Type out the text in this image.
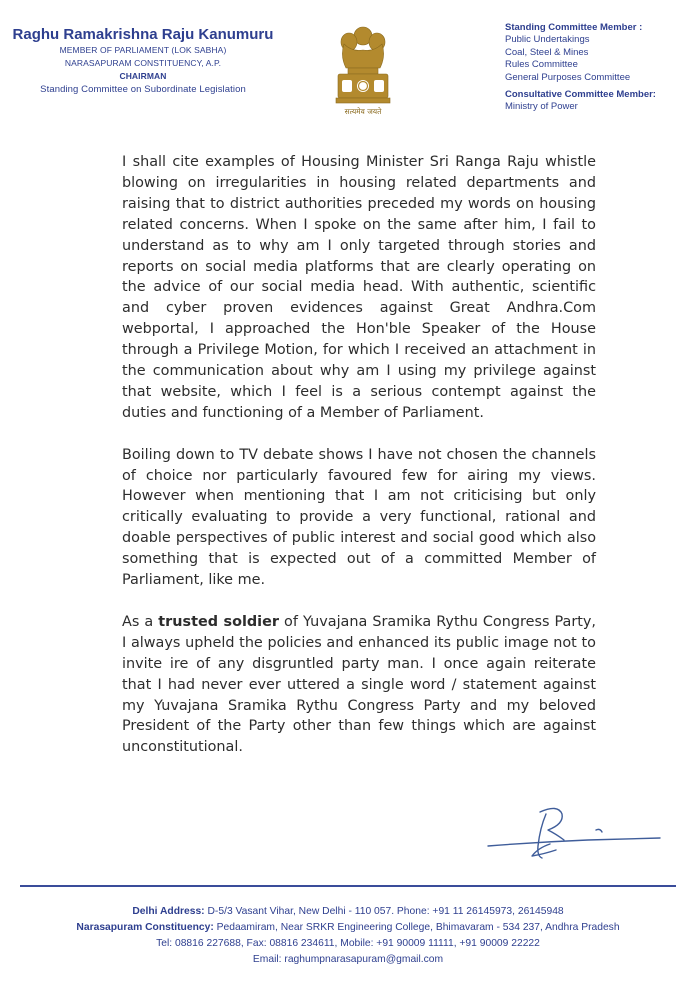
Raghu Ramakrishna Raju Kanumuru
MEMBER OF PARLIAMENT (LOK SABHA)
NARASAPURAM CONSTITUENCY, A.P.
CHAIRMAN
Standing Committee on Subordinate Legislation
सत्यमेव जयते
Standing Committee Member :
Public Undertakings
Coal, Steel & Mines
Rules Committee
General Purposes Committee
Consultative Committee Member:
Ministry of Power

I shall cite examples of Housing Minister Sri Ranga Raju whistle blowing on irregularities in housing related departments and raising that to district authorities preceded my words on housing related concerns. When I spoke on the same after him, I fail to understand as to why am I only targeted through stories and reports on social media platforms that are clearly operating on the advice of our social media head. With authentic, scientific and cyber proven evidences against Great Andhra.Com webportal, I approached the Hon'ble Speaker of the House through a Privilege Motion, for which I received an attachment in the communication about why am I using my privilege against that website, which I feel is a serious contempt against the duties and functioning of a Member of Parliament.

Boiling down to TV debate shows I have not chosen the channels of choice nor particularly favoured few for airing my views. However when mentioning that I am not criticising but only critically evaluating to provide a very functional, rational and doable perspectives of public interest and social good which also something that is expected out of a committed Member of Parliament, like me.

As a trusted soldier of Yuvajana Sramika Rythu Congress Party, I always upheld the policies and enhanced its public image not to invite ire of any disgruntled party man. I once again reiterate that I had never ever uttered a single word / statement against my Yuvajana Sramika Rythu Congress Party and my beloved President of the Party other than few things which are against unconstitutional.

Delhi Address: D-5/3 Vasant Vihar, New Delhi - 110 057. Phone: +91 11 26145973, 26145948
Narasapuram Constituency: Pedaamiram, Near SRKR Engineering College, Bhimavaram - 534 237, Andhra Pradesh
Tel: 08816 227688, Fax: 08816 234611, Mobile: +91 90009 11111, +91 90009 22222
Email: raghumpnarasapuram@gmail.com
